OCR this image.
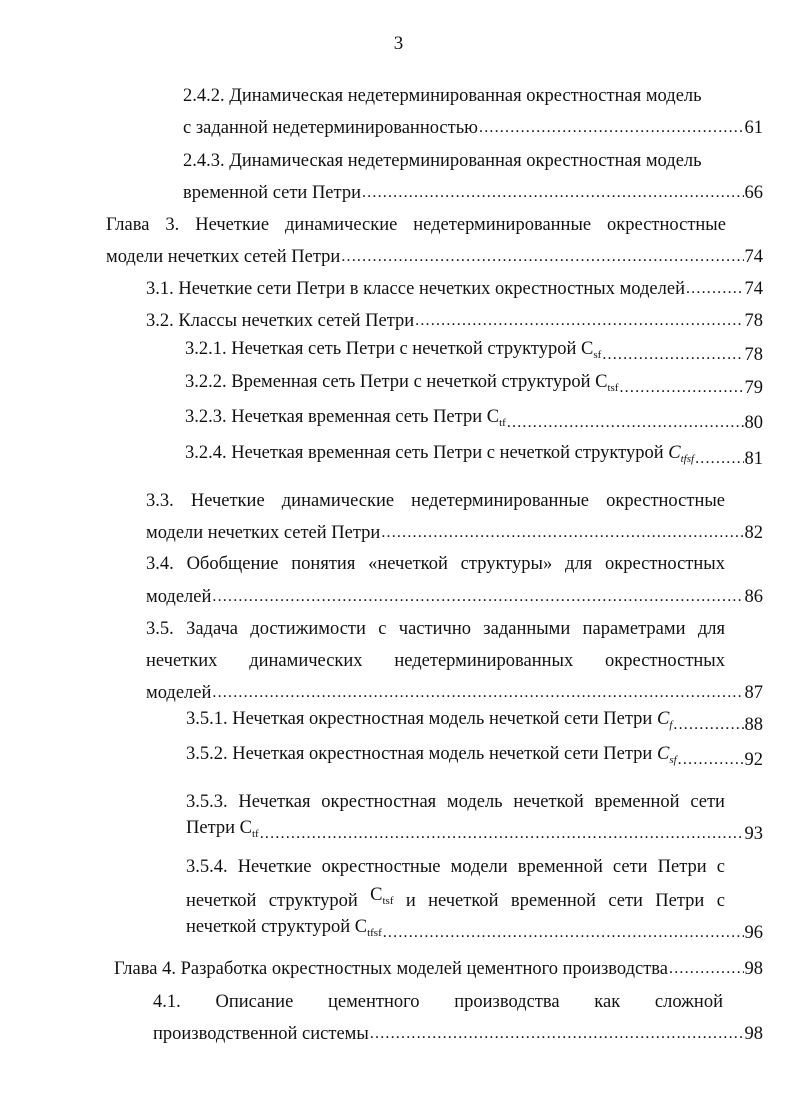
3
2.4.2. Динамическая недетерминированная окрестностная модель
с заданной недетерминированностью .....	61
2.4.3. Динамическая недетерминированная окрестностная модель
временной сети Петри .....	66
Глава 3. Нечеткие динамические недетерминированные окрестностные
модели нечетких сетей Петри .....	74
3.1. Нечеткие сети Петри в классе нечетких окрестностных моделей .....	74
3.2. Классы нечетких сетей Петри .....	78
3.2.1. Нечеткая сеть Петри с нечеткой структурой $C_{sf}$ .....	78
3.2.2. Временная сеть Петри с нечеткой структурой $C_{tsf}$ .....	79
3.2.3. Нечеткая временная сеть Петри $C_{tf}$ .....	80
3.2.4. Нечеткая временная сеть Петри с нечеткой структурой $C_{tfsf}$ .....	81
3.3. Нечеткие динамические недетерминированные окрестностные
модели нечетких сетей Петри .....	82
3.4. Обобщение понятия «нечеткой структуры» для окрестностных
моделей .....	86
3.5. Задача достижимости с частично заданными параметрами для
нечетких динамических недетерминированных окрестностных
моделей .....	87
3.5.1. Нечеткая окрестностная модель нечеткой сети Петри $C_f$ .....	88
3.5.2. Нечеткая окрестностная модель нечеткой сети Петри $C_{sf}$ .....	92
3.5.3. Нечеткая окрестностная модель нечеткой временной сети
Петри $C_{tf}$ .....	93
3.5.4. Нечеткие окрестностные модели временной сети Петри с
нечеткой структурой $C_{tsf}$ и нечеткой временной сети Петри с
нечеткой структурой $C_{tfsf}$ .....	96
Глава 4. Разработка окрестностных моделей цементного производства .....	98
4.1. Описание цементного производства как сложной
производственной системы .....	98
